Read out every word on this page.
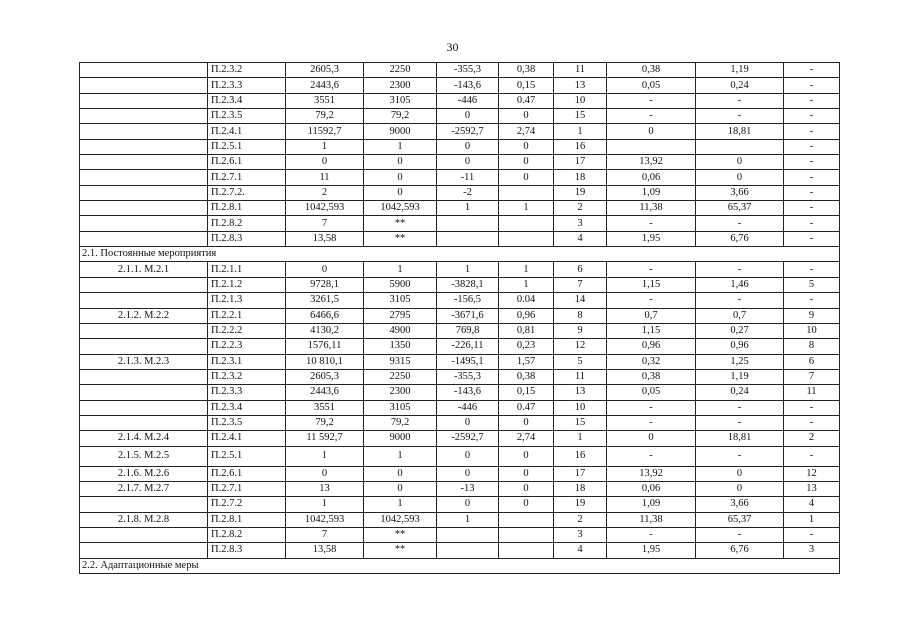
30
	П.2.3.2	2605,3	2250	-355,3	0,38	11	0,38	1,19	-
	П.2.3.3	2443,6	2300	-143,6	0,15	13	0,05	0,24	-
	П.2.3.4	3551	3105	-446	0.47	10	-	-	-
	П.2.3.5	79,2	79,2	0	0	15	-	-	-
	П.2.4.1	11592,7	9000	-2592,7	2,74	1	0	18,81	-
	П.2.5.1	1	1	0	0	16			-
	П.2.6.1	0	0	0	0	17	13,92	0	-
	П.2.7.1	11	0	-11	0	18	0,06	0	-
	П.2.7.2.	2	0	-2		19	1,09	3,66	-
	П.2.8.1	1042,593	1042,593	1	1	2	11,38	65,37	-
	П.2.8.2	7	**			3	-	-	-
	П.2.8.3	13,58	**			4	1,95	6,76	-
2.1. Постоянные мероприятия									
2.1.1. М.2.1	П.2.1.1	0	1	1	1	6	-	-	-
	П.2.1.2	9728,1	5900	-3828,1	1	7	1,15	1,46	5
	П.2.1.3	3261,5	3105	-156,5	0.04	14	-	-	-
2.1.2. М.2.2	П.2.2.1	6466,6	2795	-3671,6	0,96	8	0,7	0,7	9
	П.2.2.2	4130,2	4900	769,8	0,81	9	1,15	0,27	10
	П.2.2.3	1576,11	1350	-226,11	0,23	12	0,96	0,96	8
2.1.3. М.2.3	П.2.3.1	10 810,1	9315	-1495,1	1,57	5	0,32	1,25	6
	П.2.3.2	2605,3	2250	-355,3	0,38	11	0,38	1,19	7
	П.2.3.3	2443,6	2300	-143,6	0,15	13	0,05	0,24	11
	П.2.3.4	3551	3105	-446	0.47	10	-	-	-
	П.2.3.5	79,2	79,2	0	0	15	-	-	-
2.1.4. М.2.4	П.2.4.1	11 592,7	9000	-2592,7	2,74	1	0	18,81	2
2.1.5. М.2.5	П.2.5.1	1	1	0	0	16	-	-	-
2.1.6. М.2.6	П.2.6.1	0	0	0	0	17	13,92	0	12
2.1.7. М.2.7	П.2.7.1	13	0	-13	0	18	0,06	0	13
	П.2.7.2	1	1	0	0	19	1,09	3,66	4
2.1.8. М.2.8	П.2.8.1	1042,593	1042,593	1		2	11,38	65,37	1
	П.2.8.2	7	**			3	-	-	-
	П.2.8.3	13,58	**			4	1,95	6,76	3
2.2. Адаптационные меры									
